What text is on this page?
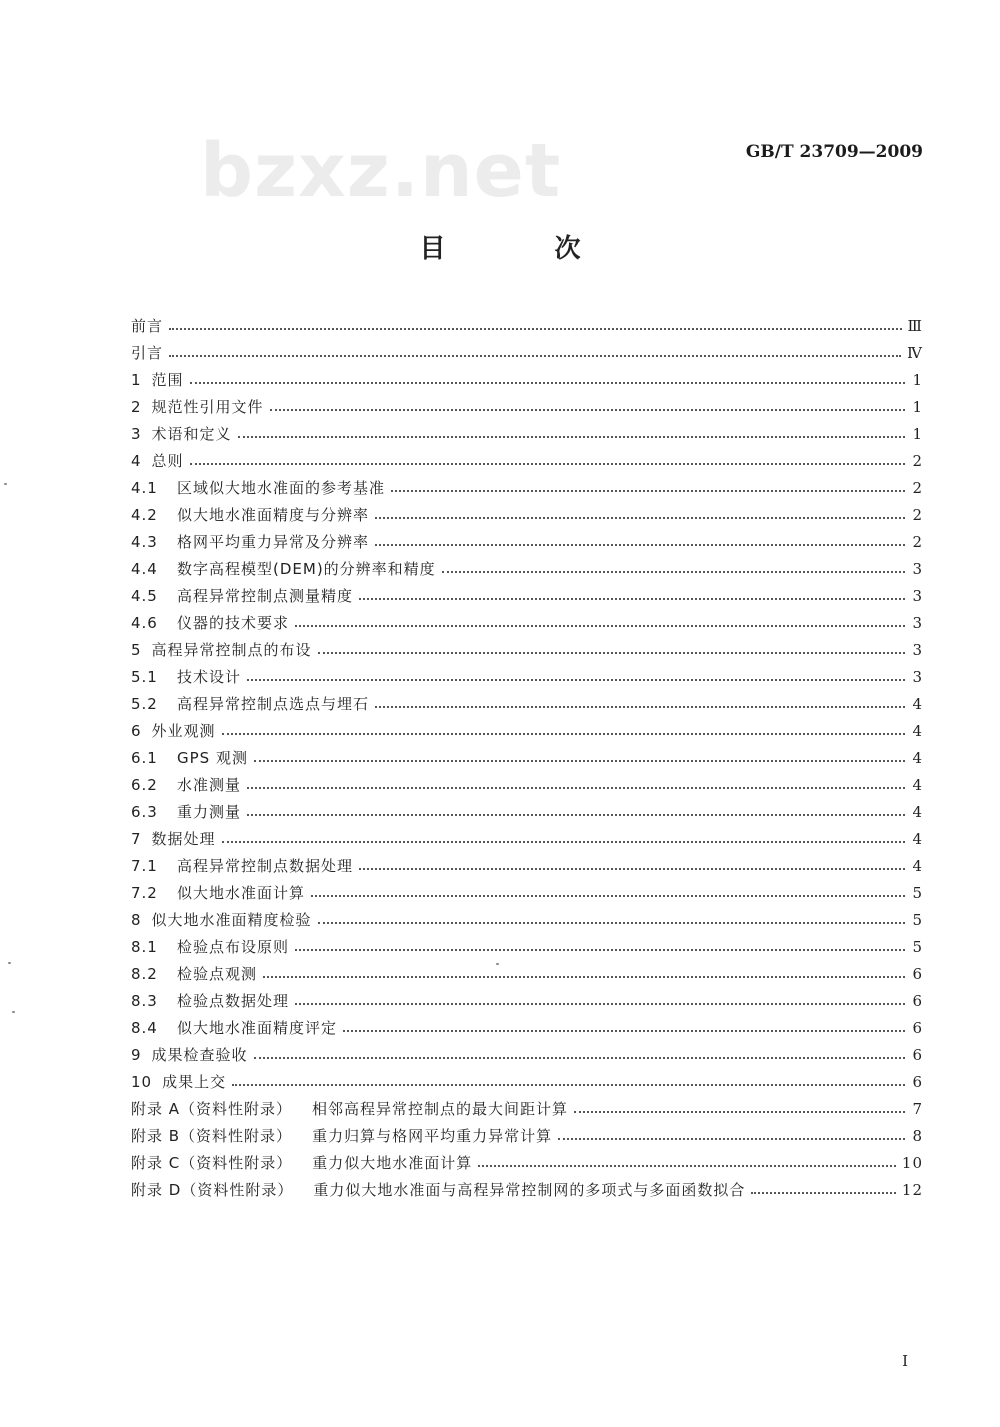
bzxz.net	GB/T 23709—2009
目 次
前言	Ⅲ
引言	Ⅳ
1 范围	1
2 规范性引用文件	1
3 术语和定义	1
4 总则	2
4.1	区域似大地水准面的参考基准	2
4.2	似大地水准面精度与分辨率	2
4.3	格网平均重力异常及分辨率	2
4.4	数字高程模型(DEM)的分辨率和精度	3
4.5	高程异常控制点测量精度	3
4.6	仪器的技术要求	3
5 高程异常控制点的布设	3
5.1	技术设计	3
5.2	高程异常控制点选点与埋石	4
6 外业观测	4
6.1	GPS 观测	4
6.2	水准测量	4
6.3	重力测量	4
7 数据处理	4
7.1	高程异常控制点数据处理	4
7.2	似大地水准面计算	5
8 似大地水准面精度检验	5
8.1	检验点布设原则	5
8.2	检验点观测	6
8.3	检验点数据处理	6
8.4	似大地水准面精度评定	6
9 成果检查验收	6
10 成果上交	6
附录 A（资料性附录）	相邻高程异常控制点的最大间距计算	7
附录 B（资料性附录）	重力归算与格网平均重力异常计算	8
附录 C（资料性附录）	重力似大地水准面计算	10
附录 D（资料性附录）	重力似大地水准面与高程异常控制网的多项式与多面函数拟合	12
I
